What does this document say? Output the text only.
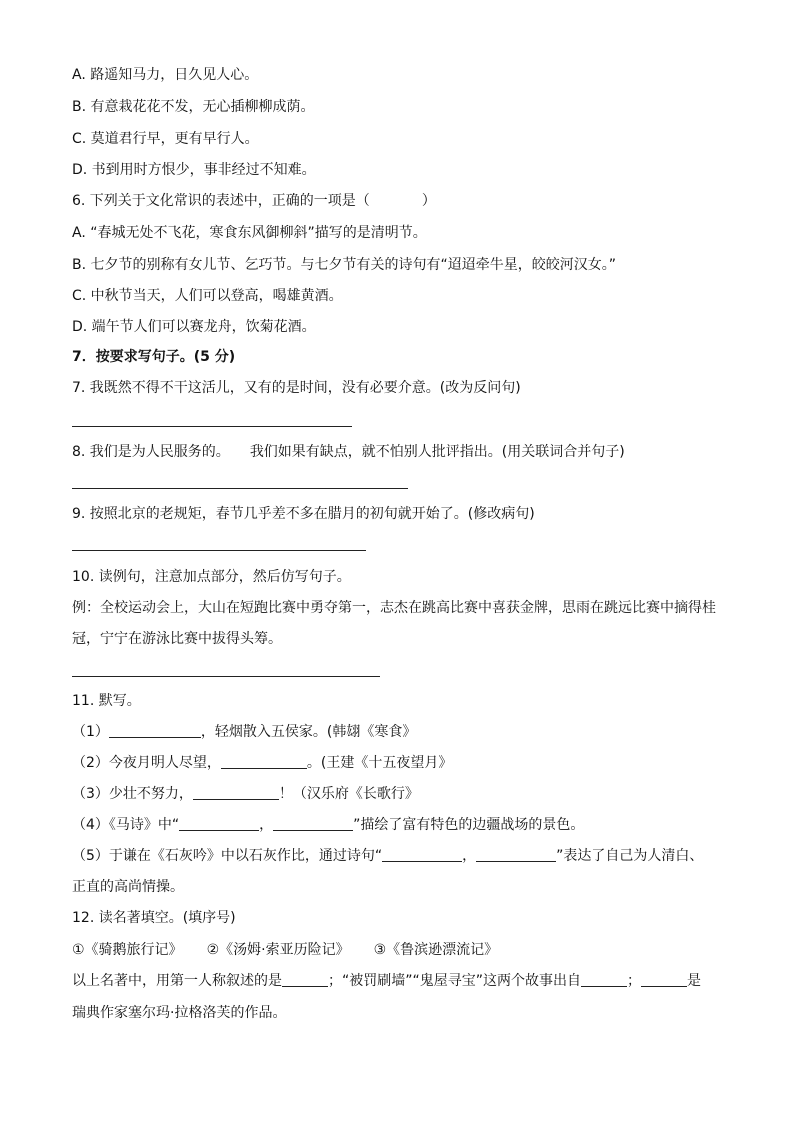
A. 路遥知马力，日久见人心。
B. 有意栽花花不发，无心插柳柳成荫。
C. 莫道君行早，更有早行人。
D. 书到用时方恨少，事非经过不知难。
6. 下列关于文化常识的表述中，正确的一项是（	）
A. “春城无处不飞花，寒食东风御柳斜”描写的是清明节。
B. 七夕节的别称有女儿节、乞巧节。与七夕节有关的诗句有“迢迢牵牛星，皎皎河汉女。”
C. 中秋节当天，人们可以登高，喝雄黄酒。
D. 端午节人们可以赛龙舟，饮菊花酒。
7．按要求写句子。(5 分)
7. 我既然不得不干这活儿，又有的是时间，没有必要介意。(改为反问句)
8. 我们是为人民服务的。 我们如果有缺点，就不怕别人批评指出。(用关联词合并句子)
9. 按照北京的老规矩，春节几乎差不多在腊月的初旬就开始了。(修改病句)
10. 读例句，注意加点部分，然后仿写句子。
例：全校运动会上，大山在短跑比赛中勇夺第一，志杰在跳高比赛中喜获金牌，思雨在跳远比赛中摘得桂
冠，宁宁在游泳比赛中拔得头筹。
11. 默写。
（1）	，轻烟散入五侯家。(韩翃《寒食》
（2）今夜月明人尽望，	。(王建《十五夜望月》
（3）少壮不努力，	！（汉乐府《长歌行》
（4）《马诗》中“	，	”描绘了富有特色的边疆战场的景色。
（5）于谦在《石灰吟》中以石灰作比，通过诗句“	，	”表达了自己为人清白、
正直的高尚情操。
12. 读名著填空。(填序号)
①《骑鹅旅行记》 ②《汤姆·索亚历险记》 ③《鲁滨逊漂流记》
以上名著中，用第一人称叙述的是	；“被罚刷墙”“鬼屋寻宝”这两个故事出自	；	是
瑞典作家塞尔玛·拉格洛芙的作品。
